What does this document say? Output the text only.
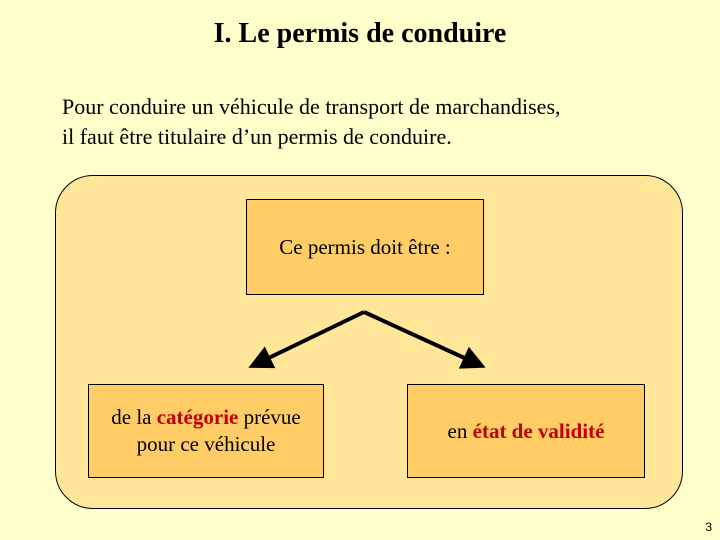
I. Le permis de conduire
Pour conduire un véhicule de transport de marchandises,
il faut être titulaire d’un permis de conduire.
Ce permis doit être :
de la catégorie prévue
pour ce véhicule
en état de validité
3
